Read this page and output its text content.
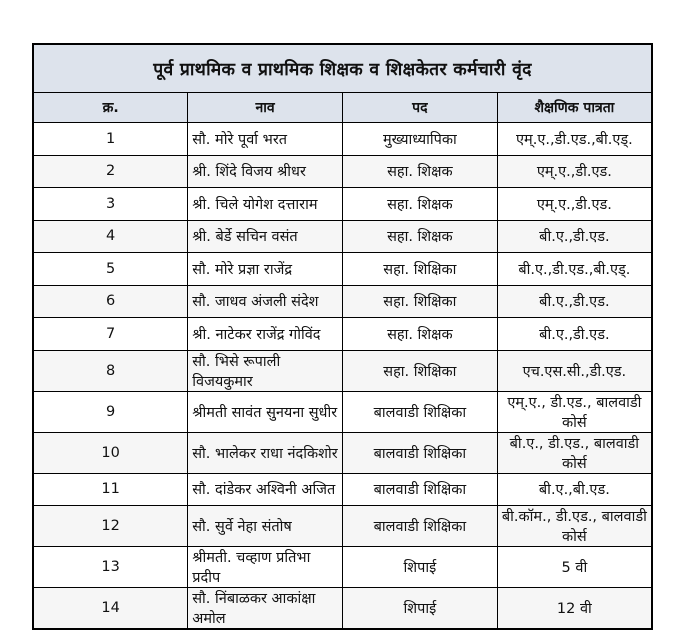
पूर्व प्राथमिक व प्राथमिक शिक्षक व शिक्षकेतर कर्मचारी वृंद			
क्र.	नाव	पद	शैक्षणिक पात्रता
1	सौ. मोरे पूर्वा भरत	मुख्याध्यापिका	एम्.ए.,डी.एड.,बी.एड्.
2	श्री. शिंदे विजय श्रीधर	सहा. शिक्षक	एम्.ए.,डी.एड.
3	श्री. चिले योगेश दत्ताराम	सहा. शिक्षक	एम्.ए.,डी.एड.
4	श्री. बेर्डे सचिन वसंत	सहा. शिक्षक	बी.ए.,डी.एड.
5	सौ. मोरे प्रज्ञा राजेंद्र	सहा. शिक्षिका	बी.ए.,डी.एड.,बी.एड्.
6	सौ. जाधव अंजली संदेश	सहा. शिक्षिका	बी.ए.,डी.एड.
7	श्री. नाटेकर राजेंद्र गोविंद	सहा. शिक्षक	बी.ए.,डी.एड.
8	सौ. भिसे रूपाली विजयकुमार	सहा. शिक्षिका	एच.एस.सी.,डी.एड.
9	श्रीमती सावंत सुनयना सुधीर	बालवाडी शिक्षिका	एम्.ए., डी.एड., बालवाडी कोर्स
10	सौ. भालेकर राधा नंदकिशोर	बालवाडी शिक्षिका	बी.ए., डी.एड., बालवाडी कोर्स
11	सौ. दांडेकर अश्विनी अजित	बालवाडी शिक्षिका	बी.ए.,बी.एड.
12	सौ. सुर्वे नेहा संतोष	बालवाडी शिक्षिका	बी.कॉम., डी.एड., बालवाडी कोर्स
13	श्रीमती. चव्हाण प्रतिभा प्रदीप	शिपाई	5 वी
14	सौ. निंबाळकर आकांक्षा अमोल	शिपाई	12 वी
